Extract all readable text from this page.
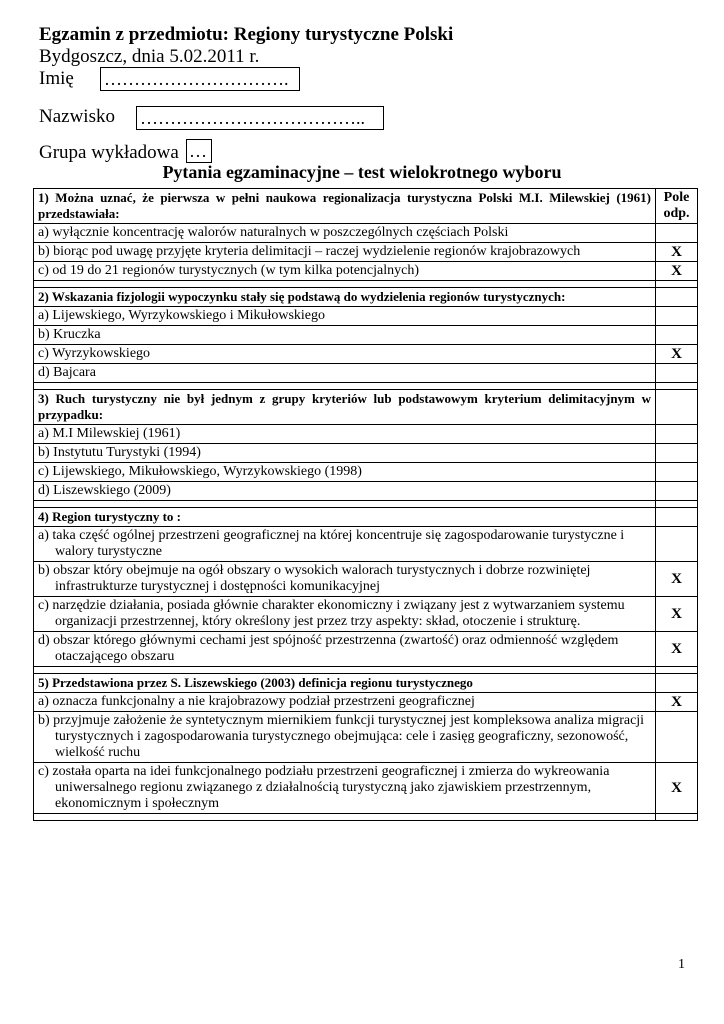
Egzamin z przedmiotu: Regiony turystyczne Polski
Bydgoszcz, dnia 5.02.2011 r.
Imię ………………………….
Nazwisko ………………………………..
Grupa wykładowa …
Pytania egzaminacyjne – test wielokrotnego wyboru
1) Można uznać, że pierwsza w pełni naukowa regionalizacja turystyczna Polski M.I. Milewskiej (1961) przedstawiała:	Pole odp.

a) wyłącznie koncentrację walorów naturalnych w poszczególnych częściach Polski	

b) biorąc pod uwagę przyjęte kryteria delimitacji – raczej wydzielenie regionów krajobrazowych	X

c) od 19 do 21 regionów turystycznych (w tym kilka potencjalnych)	X

2) Wskazania fizjologii wypoczynku stały się podstawą do wydzielenia regionów turystycznych:	

a) Lijewskiego, Wyrzykowskiego i Mikułowskiego	

b) Kruczka	

c) Wyrzykowskiego	X

d) Bajcara	

3) Ruch turystyczny nie był jednym z grupy kryteriów lub podstawowym kryterium delimitacyjnym w przypadku:	

a) M.I Milewskiej (1961)	

b) Instytutu Turystyki (1994)	

c) Lijewskiego, Mikułowskiego, Wyrzykowskiego (1998)	

d) Liszewskiego (2009)	

4) Region turystyczny to :	

a) taka część ogólnej przestrzeni geograficznej na której koncentruje się zagospodarowanie turystyczne i walory turystyczne	

b) obszar który obejmuje na ogół obszary o wysokich walorach turystycznych i dobrze rozwiniętej infrastrukturze turystycznej i dostępności komunikacyjnej	X

c) narzędzie działania, posiada głównie charakter ekonomiczny i związany jest z wytwarzaniem systemu organizacji przestrzennej, który określony jest przez trzy aspekty: skład, otoczenie i strukturę.	X

d) obszar którego głównymi cechami jest spójność przestrzenna (zwartość) oraz odmienność względem otaczającego obszaru	X

5) Przedstawiona przez S. Liszewskiego (2003) definicja regionu turystycznego	

a) oznacza funkcjonalny a nie krajobrazowy podział przestrzeni geograficznej	X

b) przyjmuje założenie że syntetycznym miernikiem funkcji turystycznej jest kompleksowa analiza migracji turystycznych i zagospodarowania turystycznego obejmująca: cele i zasięg geograficzny, sezonowość, wielkość ruchu	

c) została oparta na idei funkcjonalnego podziału przestrzeni geograficznej i zmierza do wykreowania uniwersalnego regionu związanego z działalnością turystyczną jako zjawiskiem przestrzennym, ekonomicznym i społecznym	X

1
